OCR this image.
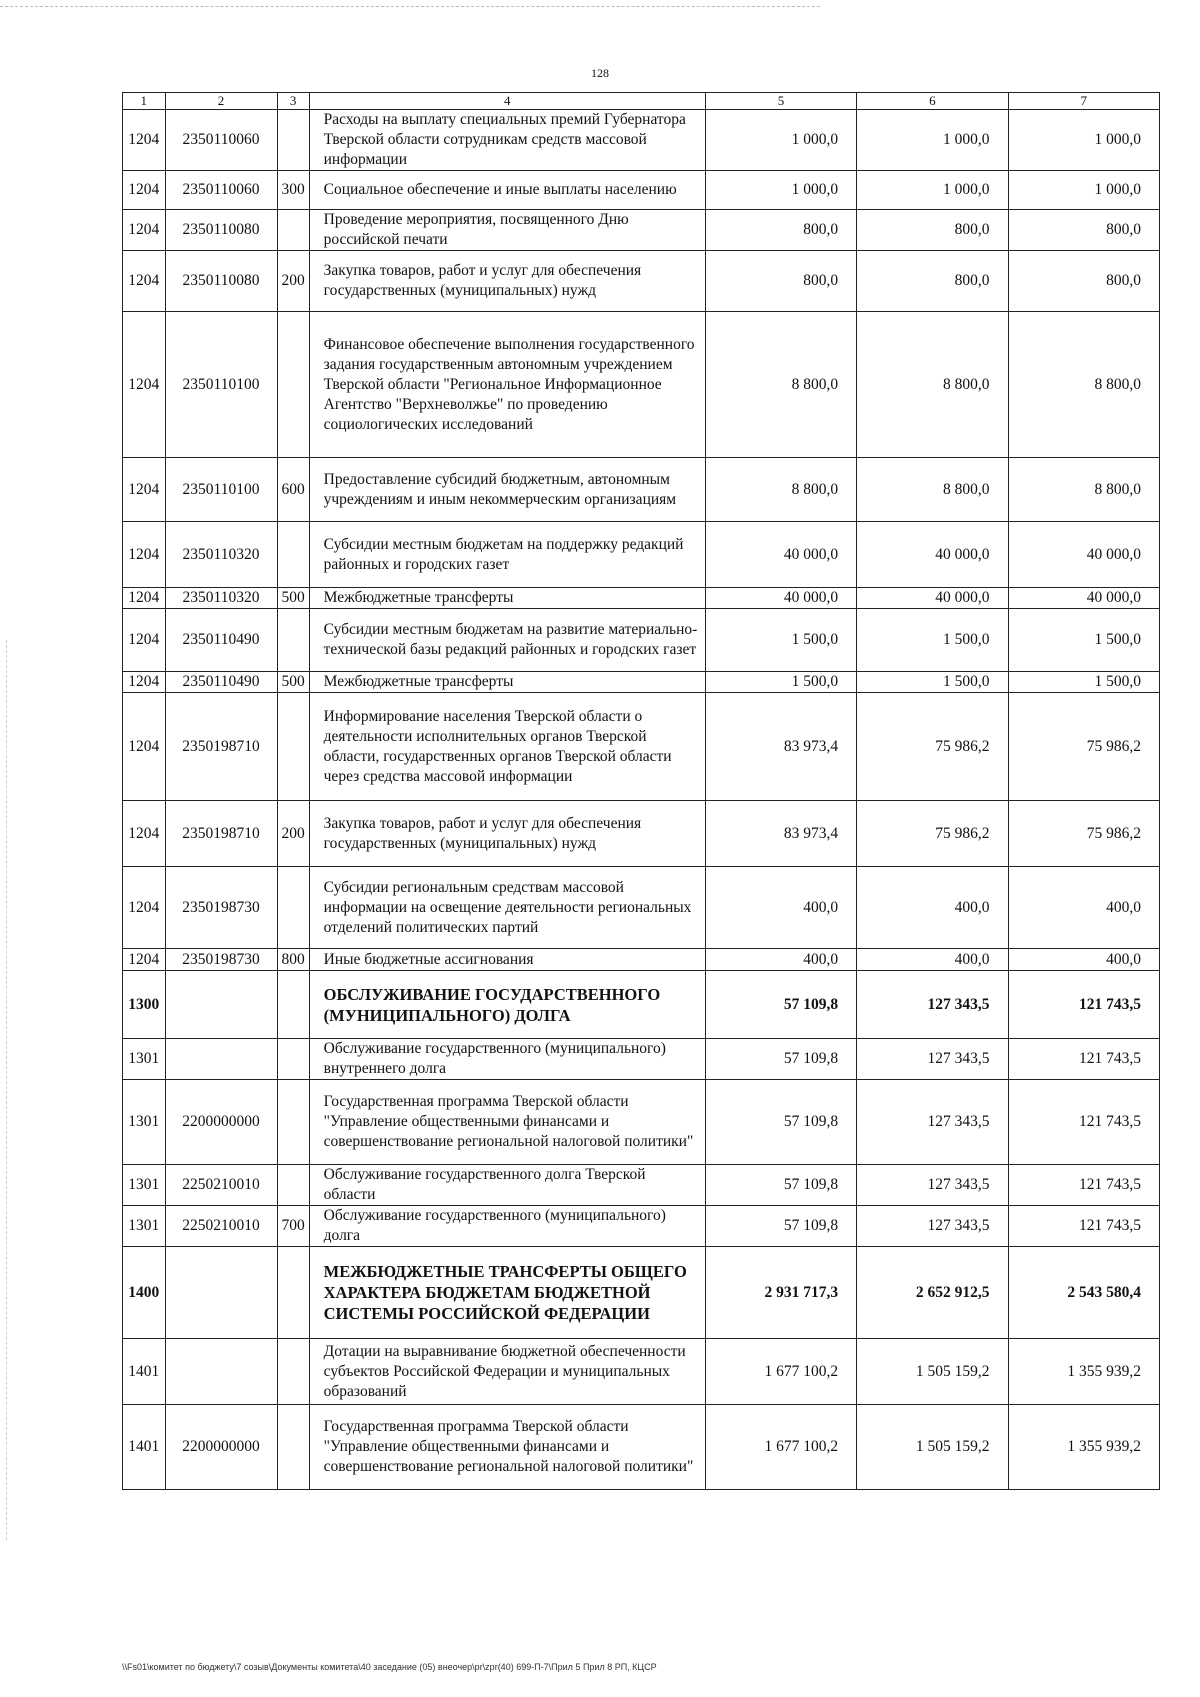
128
1	2	3	4	5	6	7
1204	2350110060		Расходы на выплату специальных премий Губернатора Тверской области сотрудникам средств массовой информации	1 000,0	1 000,0	1 000,0
1204	2350110060	300	Социальное обеспечение и иные выплаты населению	1 000,0	1 000,0	1 000,0
1204	2350110080		Проведение мероприятия, посвященного Дню российской печати	800,0	800,0	800,0
1204	2350110080	200	Закупка товаров, работ и услуг для обеспечения государственных (муниципальных) нужд	800,0	800,0	800,0
1204	2350110100		Финансовое обеспечение выполнения государственного задания государственным автономным учреждением Тверской области "Региональное Информационное Агентство "Верхневолжье" по проведению социологических исследований	8 800,0	8 800,0	8 800,0
1204	2350110100	600	Предоставление субсидий бюджетным, автономным учреждениям и иным некоммерческим организациям	8 800,0	8 800,0	8 800,0
1204	2350110320		Субсидии местным бюджетам на поддержку редакций районных и городских газет	40 000,0	40 000,0	40 000,0
1204	2350110320	500	Межбюджетные трансферты	40 000,0	40 000,0	40 000,0
1204	2350110490		Субсидии местным бюджетам на развитие материально-технической базы редакций районных и городских газет	1 500,0	1 500,0	1 500,0
1204	2350110490	500	Межбюджетные трансферты	1 500,0	1 500,0	1 500,0
1204	2350198710		Информирование населения Тверской области о деятельности исполнительных органов Тверской области, государственных органов Тверской области через средства массовой информации	83 973,4	75 986,2	75 986,2
1204	2350198710	200	Закупка товаров, работ и услуг для обеспечения государственных (муниципальных) нужд	83 973,4	75 986,2	75 986,2
1204	2350198730		Субсидии региональным средствам массовой информации на освещение деятельности региональных отделений политических партий	400,0	400,0	400,0
1204	2350198730	800	Иные бюджетные ассигнования	400,0	400,0	400,0
1300			ОБСЛУЖИВАНИЕ ГОСУДАРСТВЕННОГО (МУНИЦИПАЛЬНОГО) ДОЛГА	57 109,8	127 343,5	121 743,5
1301			Обслуживание государственного (муниципального) внутреннего долга	57 109,8	127 343,5	121 743,5
1301	2200000000		Государственная программа Тверской области "Управление общественными финансами и совершенствование региональной налоговой политики"	57 109,8	127 343,5	121 743,5
1301	2250210010		Обслуживание государственного долга Тверской области	57 109,8	127 343,5	121 743,5
1301	2250210010	700	Обслуживание государственного (муниципального) долга	57 109,8	127 343,5	121 743,5
1400			МЕЖБЮДЖЕТНЫЕ ТРАНСФЕРТЫ ОБЩЕГО ХАРАКТЕРА БЮДЖЕТАМ БЮДЖЕТНОЙ СИСТЕМЫ РОССИЙСКОЙ ФЕДЕРАЦИИ	2 931 717,3	2 652 912,5	2 543 580,4
1401			Дотации на выравнивание бюджетной обеспеченности субъектов Российской Федерации и муниципальных образований	1 677 100,2	1 505 159,2	1 355 939,2
1401	2200000000		Государственная программа Тверской области "Управление общественными финансами и совершенствование региональной налоговой политики"	1 677 100,2	1 505 159,2	1 355 939,2
\\Fs01\комитет по бюджету\7 созыв\Документы комитета\40 заседание (05) внеочер\pr\zpr(40) 699-П-7\Прил 5 Прил 8 РП, КЦСР
